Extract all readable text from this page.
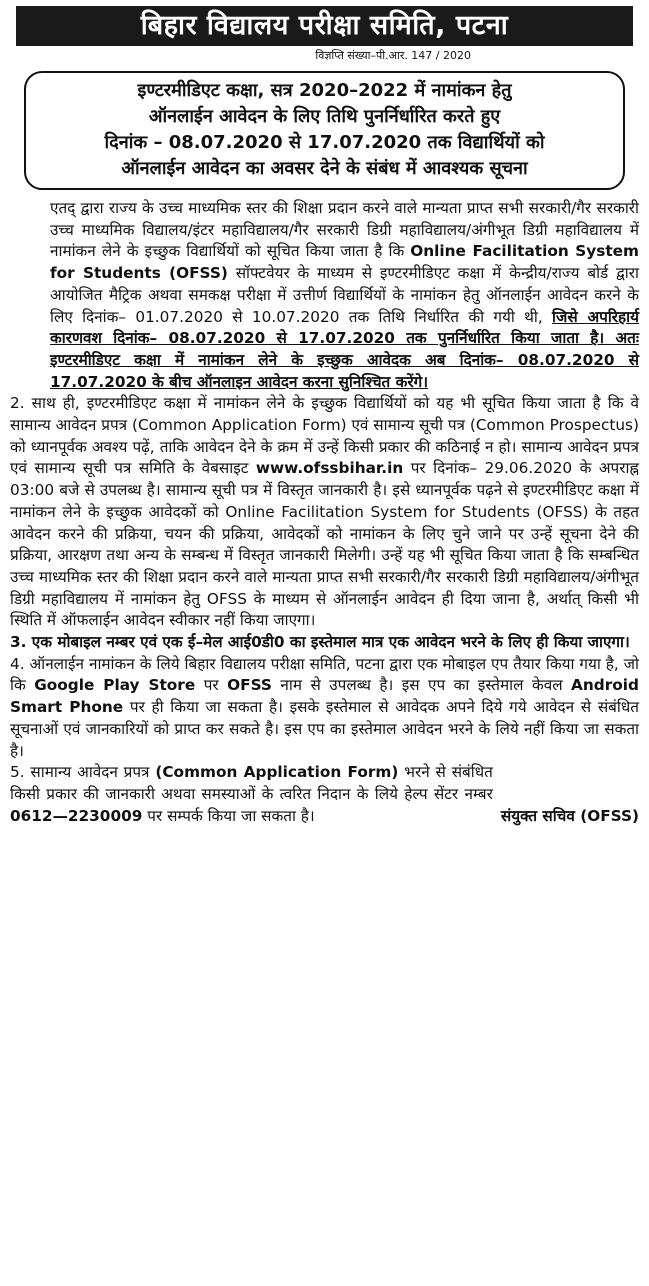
बिहार विद्यालय परीक्षा समिति, पटना
विज्ञप्ति संख्या–पी.आर. 147 / 2020
इण्टरमीडिएट कक्षा, सत्र 2020–2022 में नामांकन हेतु
ऑनलाईन आवेदन के लिए तिथि पुनर्निर्धारित करते हुए
दिनांक – 08.07.2020 से 17.07.2020 तक विद्यार्थियों को
ऑनलाईन आवेदन का अवसर देने के संबंध में आवश्यक सूचना

एतद् द्वारा राज्य के उच्च माध्यमिक स्तर की शिक्षा प्रदान करने वाले मान्यता प्राप्त सभी सरकारी/गैर सरकारी उच्च माध्यमिक विद्यालय/इंटर महाविद्यालय/गैर सरकारी डिग्री महाविद्यालय/अंगीभूत डिग्री महाविद्यालय में नामांकन लेने के इच्छुक विद्यार्थियों को सूचित किया जाता है कि Online Facilitation System for Students (OFSS) सॉफ्टवेयर के माध्यम से इण्टरमीडिएट कक्षा में केन्द्रीय/राज्य बोर्ड द्वारा आयोजित मैट्रिक अथवा समकक्ष परीक्षा में उत्तीर्ण विद्यार्थियों के नामांकन हेतु ऑनलाईन आवेदन करने के लिए दिनांक– 01.07.2020 से 10.07.2020 तक तिथि निर्धारित की गयी थी, जिसे अपरिहार्य कारणवश दिनांक– 08.07.2020 से 17.07.2020 तक पुनर्निर्धारित किया जाता है। अतः इण्टरमीडिएट कक्षा में नामांकन लेने के इच्छुक आवेदक अब दिनांक– 08.07.2020 से 17.07.2020 के बीच ऑनलाइन आवेदन करना सुनिश्चित करेंगे।

2. साथ ही, इण्टरमीडिएट कक्षा में नामांकन लेने के इच्छुक विद्यार्थियों को यह भी सूचित किया जाता है कि वे सामान्य आवेदन प्रपत्र (Common Application Form) एवं सामान्य सूची पत्र (Common Prospectus) को ध्यानपूर्वक अवश्य पढ़ें, ताकि आवेदन देने के क्रम में उन्हें किसी प्रकार की कठिनाई न हो। सामान्य आवेदन प्रपत्र एवं सामान्य सूची पत्र समिति के वेबसाइट www.ofssbihar.in पर दिनांक– 29.06.2020 के अपराह्न 03:00 बजे से उपलब्ध है। सामान्य सूची पत्र में विस्तृत जानकारी है। इसे ध्यानपूर्वक पढ़ने से इण्टरमीडिएट कक्षा में नामांकन लेने के इच्छुक आवेदकों को Online Facilitation System for Students (OFSS) के तहत आवेदन करने की प्रक्रिया, चयन की प्रक्रिया, आवेदकों को नामांकन के लिए चुने जाने पर उन्हें सूचना देने की प्रक्रिया, आरक्षण तथा अन्य के सम्बन्ध में विस्तृत जानकारी मिलेगी। उन्हें यह भी सूचित किया जाता है कि सम्बन्धित उच्च माध्यमिक स्तर की शिक्षा प्रदान करने वाले मान्यता प्राप्त सभी सरकारी/गैर सरकारी डिग्री महाविद्यालय/अंगीभूत डिग्री महाविद्यालय में नामांकन हेतु OFSS के माध्यम से ऑनलाईन आवेदन ही दिया जाना है, अर्थात् किसी भी स्थिति में ऑफलाईन आवेदन स्वीकार नहीं किया जाएगा।

3. एक मोबाइल नम्बर एवं एक ई–मेल आई0डी0 का इस्तेमाल मात्र एक आवेदन भरने के लिए ही किया जाएगा।

4. ऑनलाईन नामांकन के लिये बिहार विद्यालय परीक्षा समिति, पटना द्वारा एक मोबाइल एप तैयार किया गया है, जो कि Google Play Store पर OFSS नाम से उपलब्ध है। इस एप का इस्तेमाल केवल Android Smart Phone पर ही किया जा सकता है। इसके इस्तेमाल से आवेदक अपने दिये गये आवेदन से संबंधित सूचनाओं एवं जानकारियों को प्राप्त कर सकते है। इस एप का इस्तेमाल आवेदन भरने के लिये नहीं किया जा सकता है।

5. सामान्य आवेदन प्रपत्र (Common Application Form) भरने से संबंधित किसी प्रकार की जानकारी अथवा समस्याओं के त्वरित निदान के लिये हेल्प सेंटर नम्बर 0612—2230009 पर सम्पर्क किया जा सकता है।	संयुक्त सचिव (OFSS)
